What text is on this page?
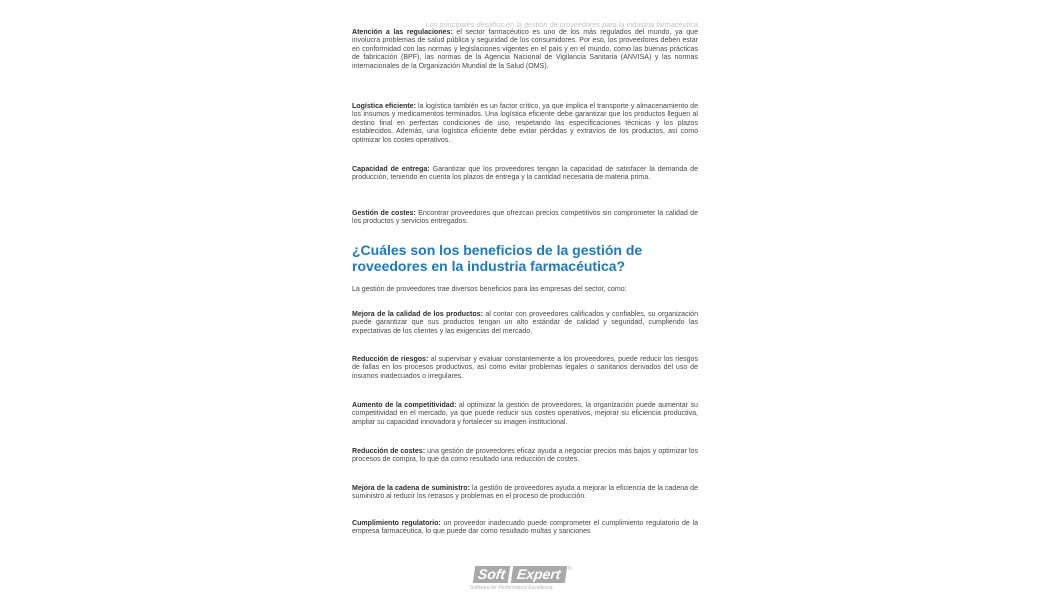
Los principales desafíos en la gestión de proveedores para la industria farmacéutica

Atención a las regulaciones: el sector farmacéutico es uno de los más regulados del mundo, ya que involucra problemas de salud pública y seguridad de los consumidores. Por eso, los proveedores deben estar en conformidad con las normas y legislaciones vigentes en el país y en el mundo, como las buenas prácticas de fabricación (BPF), las normas de la Agencia Nacional de Vigilancia Sanitaria (ANVISA) y las normas internacionales de la Organización Mundial de la Salud (OMS).

Logística eficiente: la logística también es un factor crítico, ya que implica el transporte y almacenamiento de los insumos y medicamentos terminados. Una logística eficiente debe garantizar que los productos lleguen al destino final en perfectas condiciones de uso, respetando las especificaciones técnicas y los plazos establecidos. Además, una logística eficiente debe evitar pérdidas y extravíos de los productos, así como optimizar los costes operativos.

Capacidad de entrega: Garantizar que los proveedores tengan la capacidad de satisfacer la demanda de producción, teniendo en cuenta los plazos de entrega y la cantidad necesaria de materia prima.

Gestión de costes: Encontrar proveedores que ofrezcan precios competitivos sin comprometer la calidad de los productos y servicios entregados.

¿Cuáles son los beneficios de la gestión de roveedores en la industria farmacéutica?

La gestión de proveedores trae diversos beneficios para las empresas del sector, como:

Mejora de la calidad de los productos: al contar con proveedores calificados y confiables, su organización puede garantizar que sus productos tengan un alto estándar de calidad y seguridad, cumpliendo las expectativas de los clientes y las exigencias del mercado.

Reducción de riesgos: al supervisar y evaluar constantemente a los proveedores, puede reducir los riesgos de fallas en los procesos productivos, así como evitar problemas legales o sanitarios derivados del uso de insumos inadecuados o irregulares.

Aumento de la competitividad: al optimizar la gestión de proveedores, la organización puede aumentar su competitividad en el mercado, ya que puede reducir sus costes operativos, mejorar su eficiencia productiva, ampliar su capacidad innovadora y fortalecer su imagen institucional.

Reducción de costes: una gestión de proveedores eficaz ayuda a negociar precios más bajos y optimizar los procesos de compra, lo que da como resultado una reducción de costes.

Mejora de la cadena de suministro: la gestión de proveedores ayuda a mejorar la eficiencia de la cadena de suministro al reducir los retrasos y problemas en el proceso de producción.

Cumplimiento regulatorio: un proveedor inadecuado puede comprometer el cumplimiento regulatorio de la empresa farmacéutica, lo que puede dar como resultado multas y sanciones

Soft Expert	®
Software for Performance Excellence
